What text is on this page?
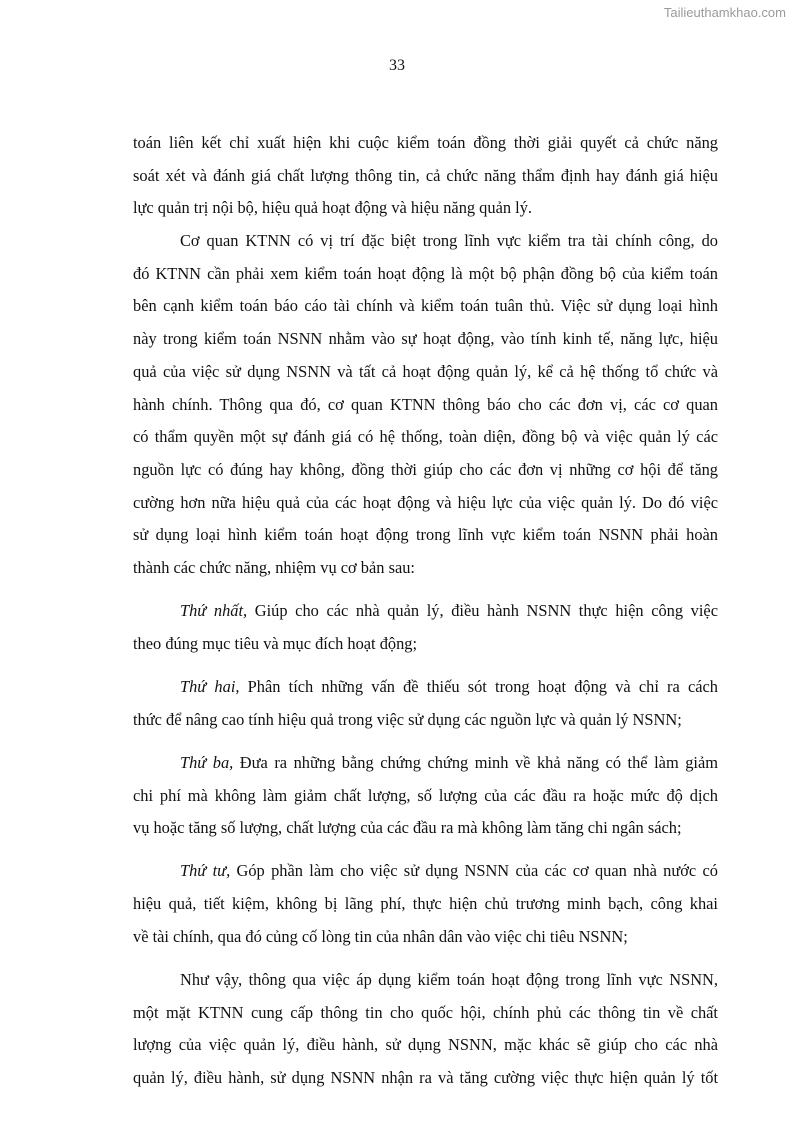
Tailieuthamkhao.com
33
toán liên kết chỉ xuất hiện khi cuộc kiểm toán đồng thời giải quyết cả chức năng
soát xét và đánh giá chất lượng thông tin, cả chức năng thẩm định hay đánh giá hiệu
lực quản trị nội bộ, hiệu quả hoạt động và hiệu năng quản lý.
Cơ quan KTNN có vị trí đặc biệt trong lĩnh vực kiểm tra tài chính công, do
đó KTNN cần phải xem kiểm toán hoạt động là một bộ phận đồng bộ của kiểm toán
bên cạnh kiểm toán báo cáo tài chính và kiểm toán tuân thủ. Việc sử dụng loại hình
này trong kiểm toán NSNN nhằm vào sự hoạt động, vào tính kinh tế, năng lực, hiệu
quả của việc sử dụng NSNN và tất cả hoạt động quản lý, kể cả hệ thống tổ chức và
hành chính. Thông qua đó, cơ quan KTNN thông báo cho các đơn vị, các cơ quan
có thẩm quyền một sự đánh giá có hệ thống, toàn diện, đồng bộ và việc quản lý các
nguồn lực có đúng hay không, đồng thời giúp cho các đơn vị những cơ hội để tăng
cường hơn nữa hiệu quả của các hoạt động và hiệu lực của việc quản lý. Do đó việc
sử dụng loại hình kiểm toán hoạt động trong lĩnh vực kiểm toán NSNN phải hoàn
thành các chức năng, nhiệm vụ cơ bản sau:
Thứ nhất, Giúp cho các nhà quản lý, điều hành NSNN thực hiện công việc
theo đúng mục tiêu và mục đích hoạt động;
Thứ hai, Phân tích những vấn đề thiếu sót trong hoạt động và chỉ ra cách
thức để nâng cao tính hiệu quả trong việc sử dụng các nguồn lực và quản lý NSNN;
Thứ ba, Đưa ra những bằng chứng chứng minh về khả năng có thể làm giảm
chi phí mà không làm giảm chất lượng, số lượng của các đầu ra hoặc mức độ dịch
vụ hoặc tăng số lượng, chất lượng của các đầu ra mà không làm tăng chi ngân sách;
Thứ tư, Góp phần làm cho việc sử dụng NSNN của các cơ quan nhà nước có
hiệu quả, tiết kiệm, không bị lãng phí, thực hiện chủ trương minh bạch, công khai
về tài chính, qua đó củng cố lòng tin của nhân dân vào việc chi tiêu NSNN;
Như vậy, thông qua việc áp dụng kiểm toán hoạt động trong lĩnh vực NSNN,
một mặt KTNN cung cấp thông tin cho quốc hội, chính phủ các thông tin về chất
lượng của việc quản lý, điều hành, sử dụng NSNN, mặc khác sẽ giúp cho các nhà
quản lý, điều hành, sử dụng NSNN nhận ra và tăng cường việc thực hiện quản lý tốt
